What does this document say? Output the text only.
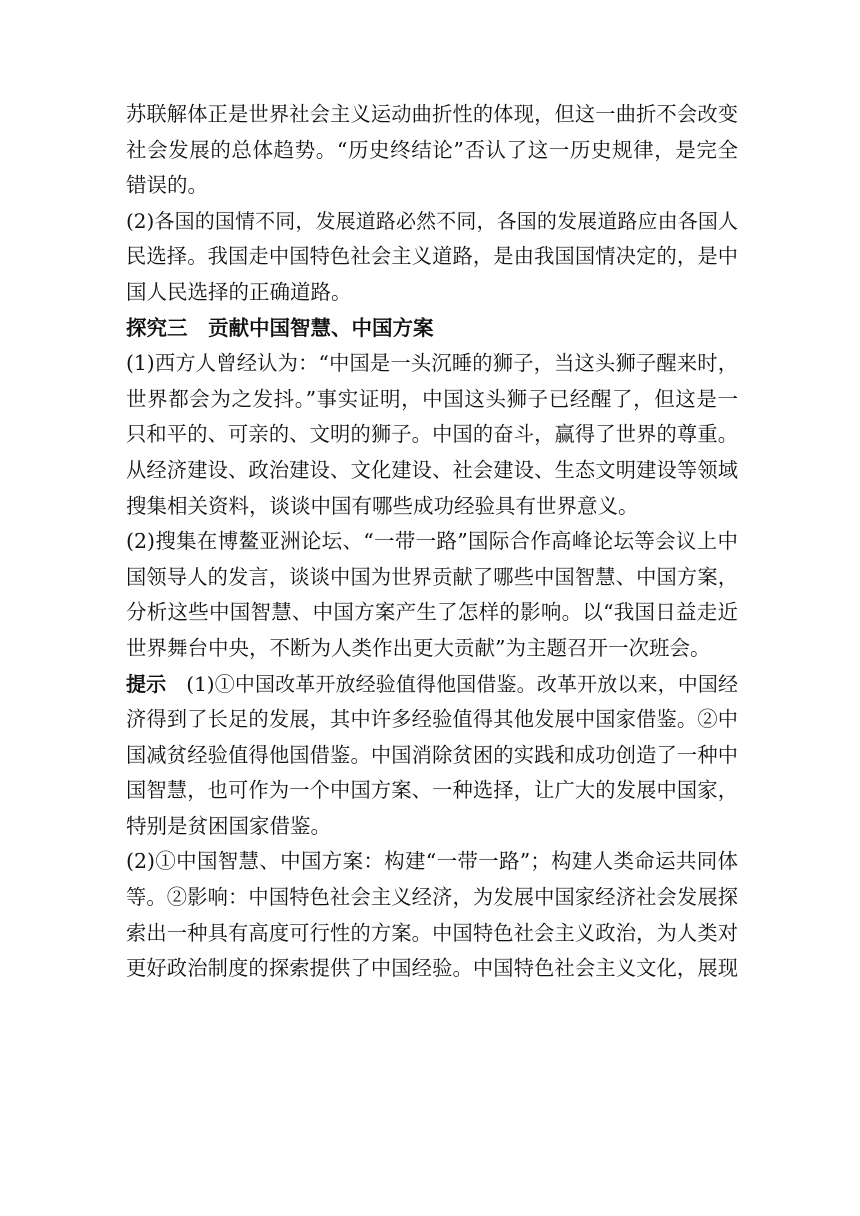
苏联解体正是世界社会主义运动曲折性的体现，但这一曲折不会改变
社会发展的总体趋势。“历史终结论”否认了这一历史规律，是完全
错误的。
(2)各国的国情不同，发展道路必然不同，各国的发展道路应由各国人
民选择。我国走中国特色社会主义道路，是由我国国情决定的，是中
国人民选择的正确道路。
探究三　贡献中国智慧、中国方案
(1)西方人曾经认为：“中国是一头沉睡的狮子，当这头狮子醒来时，
世界都会为之发抖。”事实证明，中国这头狮子已经醒了，但这是一
只和平的、可亲的、文明的狮子。中国的奋斗，赢得了世界的尊重。
从经济建设、政治建设、文化建设、社会建设、生态文明建设等领域
搜集相关资料，谈谈中国有哪些成功经验具有世界意义。
(2)搜集在博鳌亚洲论坛、“一带一路”国际合作高峰论坛等会议上中
国领导人的发言，谈谈中国为世界贡献了哪些中国智慧、中国方案，
分析这些中国智慧、中国方案产生了怎样的影响。以“我国日益走近
世界舞台中央，不断为人类作出更大贡献”为主题召开一次班会。
提示 (1)①中国改革开放经验值得他国借鉴。改革开放以来，中国经
济得到了长足的发展，其中许多经验值得其他发展中国家借鉴。②中
国减贫经验值得他国借鉴。中国消除贫困的实践和成功创造了一种中
国智慧，也可作为一个中国方案、一种选择，让广大的发展中国家，
特别是贫困国家借鉴。
(2)①中国智慧、中国方案：构建“一带一路”；构建人类命运共同体
等。②影响：中国特色社会主义经济，为发展中国家经济社会发展探
索出一种具有高度可行性的方案。中国特色社会主义政治，为人类对
更好政治制度的探索提供了中国经验。中国特色社会主义文化，展现
